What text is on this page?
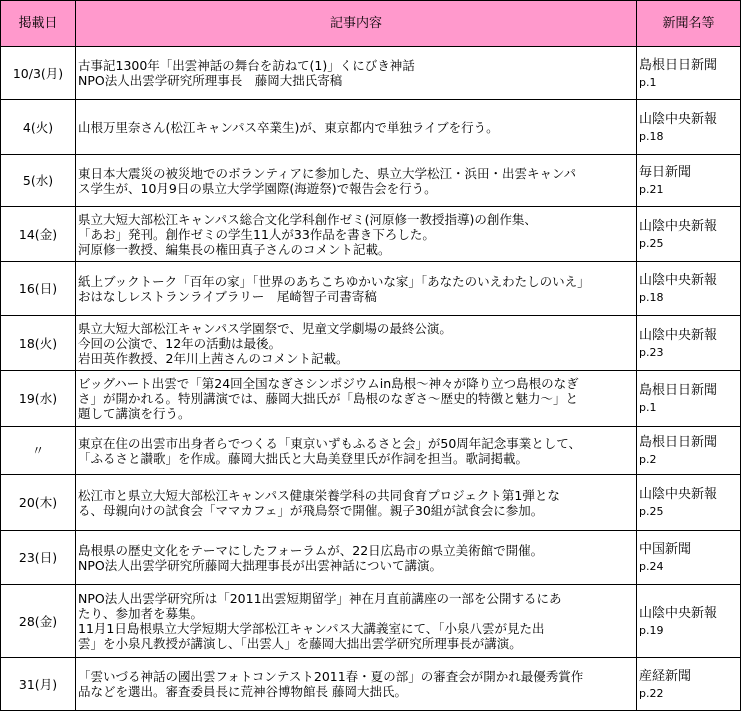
掲載日	記事内容	新聞名等
10/3(月)	古事記1300年「出雲神話の舞台を訪ねて(1)」くにびき神話
NPO法人出雲学研究所理事長　藤岡大拙氏寄稿	島根日日新聞
p.1

4(火)	山根万里奈さん(松江キャンパス卒業生)が、東京都内で単独ライブを行う。	山陰中央新報
p.18

5(水)	東日本大震災の被災地でのボランティアに参加した、県立大学松江・浜田・出雲キャンパ
ス学生が、10月9日の県立大学学園際(海遊祭)で報告会を行う。	毎日新聞
p.21

14(金)	県立大短大部松江キャンパス総合文化学科創作ゼミ(河原修一教授指導)の創作集、
「あお」発刊。創作ゼミの学生11人が33作品を書き下ろした。
河原修一教授、編集長の権田真子さんのコメント記載。	山陰中央新報
p.25

16(日)	紙上ブックトーク「百年の家」「世界のあちこちゆかいな家」「あなたのいえわたしのいえ」
おはなしレストランライブラリー　尾崎智子司書寄稿	山陰中央新報
p.18

18(火)	県立大短大部松江キャンパス学園祭で、児童文学劇場の最終公演。
今回の公演で、12年の活動は最後。
岩田英作教授、2年川上茜さんのコメント記載。	山陰中央新報
p.23

19(水)	ビッグハート出雲で「第24回全国なぎさシンポジウムin島根～神々が降り立つ島根のなぎ
さ」が開かれる。特別講演では、藤岡大拙氏が「島根のなぎさ～歴史的特徴と魅力～」と
題して講演を行う。	島根日日新聞
p.1

〃	東京在住の出雲市出身者らでつくる「東京いずもふるさと会」が50周年記念事業として、
「ふるさと讃歌」を作成。藤岡大拙氏と大島美登里氏が作詞を担当。歌詞掲載。	島根日日新聞
p.2

20(木)	松江市と県立大短大部松江キャンパス健康栄養学科の共同食育プロジェクト第1弾とな
る、母親向けの試食会「ママカフェ」が飛鳥祭で開催。親子30組が試食会に参加。	山陰中央新報
p.25

23(日)	島根県の歴史文化をテーマにしたフォーラムが、22日広島市の県立美術館で開催。
NPO法人出雲学研究所藤岡大拙理事長が出雲神話について講演。	中国新聞
p.24

28(金)	NPO法人出雲学研究所は「2011出雲短期留学」神在月直前講座の一部を公開するにあ
たり、参加者を募集。
11月1日島根県立大学短期大学部松江キャンパス大講義室にて、「小泉八雲が見た出
雲」を小泉凡教授が講演し、「出雲人」を藤岡大拙出雲学研究所理事長が講演。	山陰中央新報
p.19

31(月)	「雲いづる神話の國出雲フォトコンテスト2011春・夏の部」の審査会が開かれ最優秀賞作
品などを選出。審査委員長に荒神谷博物館長 藤岡大拙氏。	産経新聞
p.22
